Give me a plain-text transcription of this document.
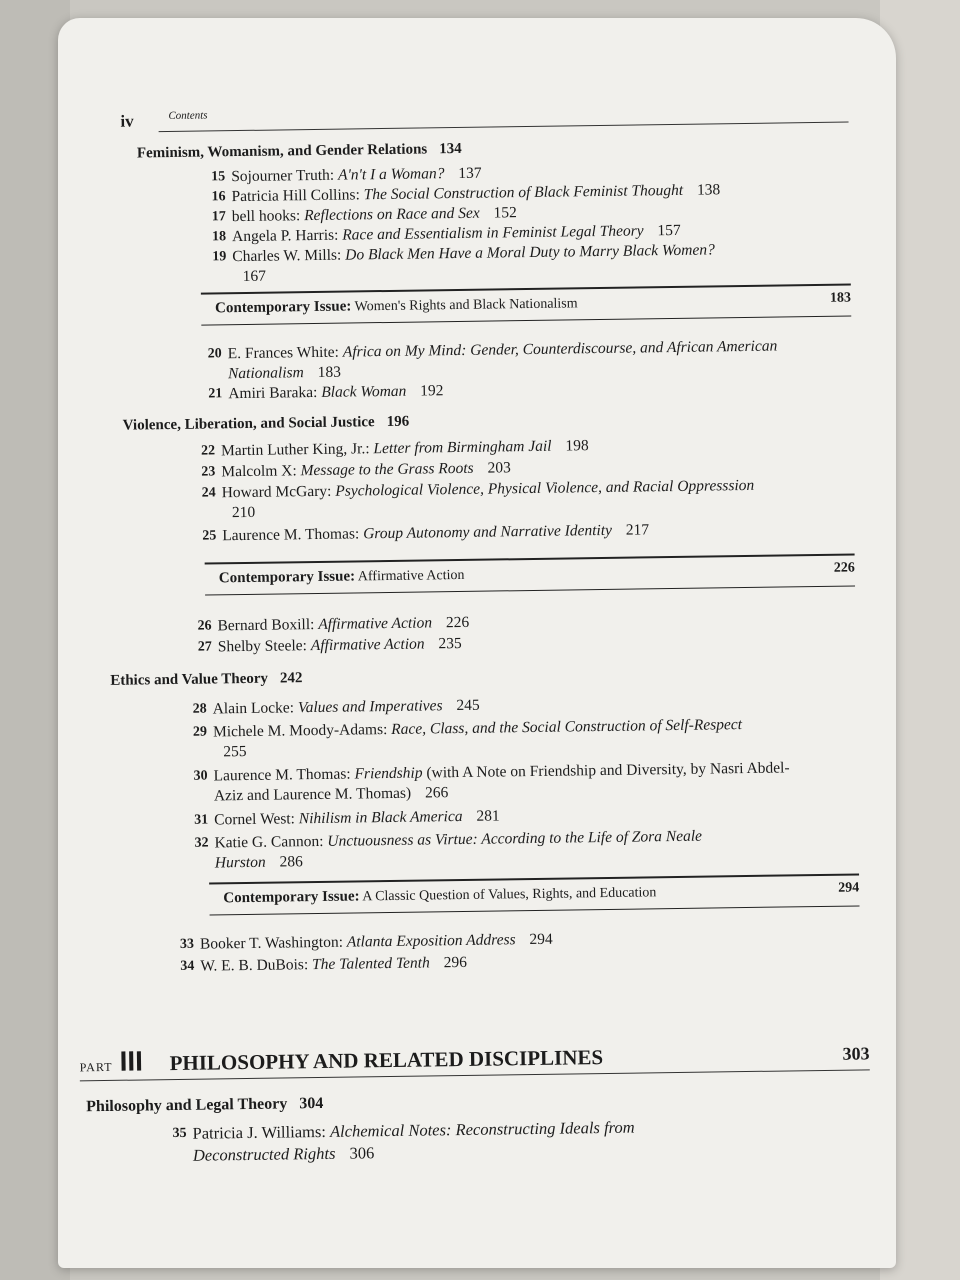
iv	Contents
Feminism, Womanism, and Gender Relations 134
15 Sojourner Truth: A'n't I a Woman? 137
16 Patricia Hill Collins: The Social Construction of Black Feminist Thought 138
17 bell hooks: Reflections on Race and Sex 152
18 Angela P. Harris: Race and Essentialism in Feminist Legal Theory 157
19 Charles W. Mills: Do Black Men Have a Moral Duty to Marry Black Women? 167
Contemporary Issue: Women's Rights and Black Nationalism	183
20 E. Frances White: Africa on My Mind: Gender, Counterdiscourse, and African American Nationalism 183
21 Amiri Baraka: Black Woman 192
Violence, Liberation, and Social Justice 196
22 Martin Luther King, Jr.: Letter from Birmingham Jail 198
23 Malcolm X: Message to the Grass Roots 203
24 Howard McGary: Psychological Violence, Physical Violence, and Racial Oppresssion 210
25 Laurence M. Thomas: Group Autonomy and Narrative Identity 217
Contemporary Issue: Affirmative Action	226
26 Bernard Boxill: Affirmative Action 226
27 Shelby Steele: Affirmative Action 235
Ethics and Value Theory 242
28 Alain Locke: Values and Imperatives 245
29 Michele M. Moody-Adams: Race, Class, and the Social Construction of Self-Respect 255
30 Laurence M. Thomas: Friendship (with A Note on Friendship and Diversity, by Nasri Abdel-Aziz and Laurence M. Thomas) 266
31 Cornel West: Nihilism in Black America 281
32 Katie G. Cannon: Unctuousness as Virtue: According to the Life of Zora Neale Hurston 286
Contemporary Issue: A Classic Question of Values, Rights, and Education	294
33 Booker T. Washington: Atlanta Exposition Address 294
34 W. E. B. DuBois: The Talented Tenth 296
PART III PHILOSOPHY AND RELATED DISCIPLINES	303
Philosophy and Legal Theory 304
35 Patricia J. Williams: Alchemical Notes: Reconstructing Ideals from Deconstructed Rights 306
